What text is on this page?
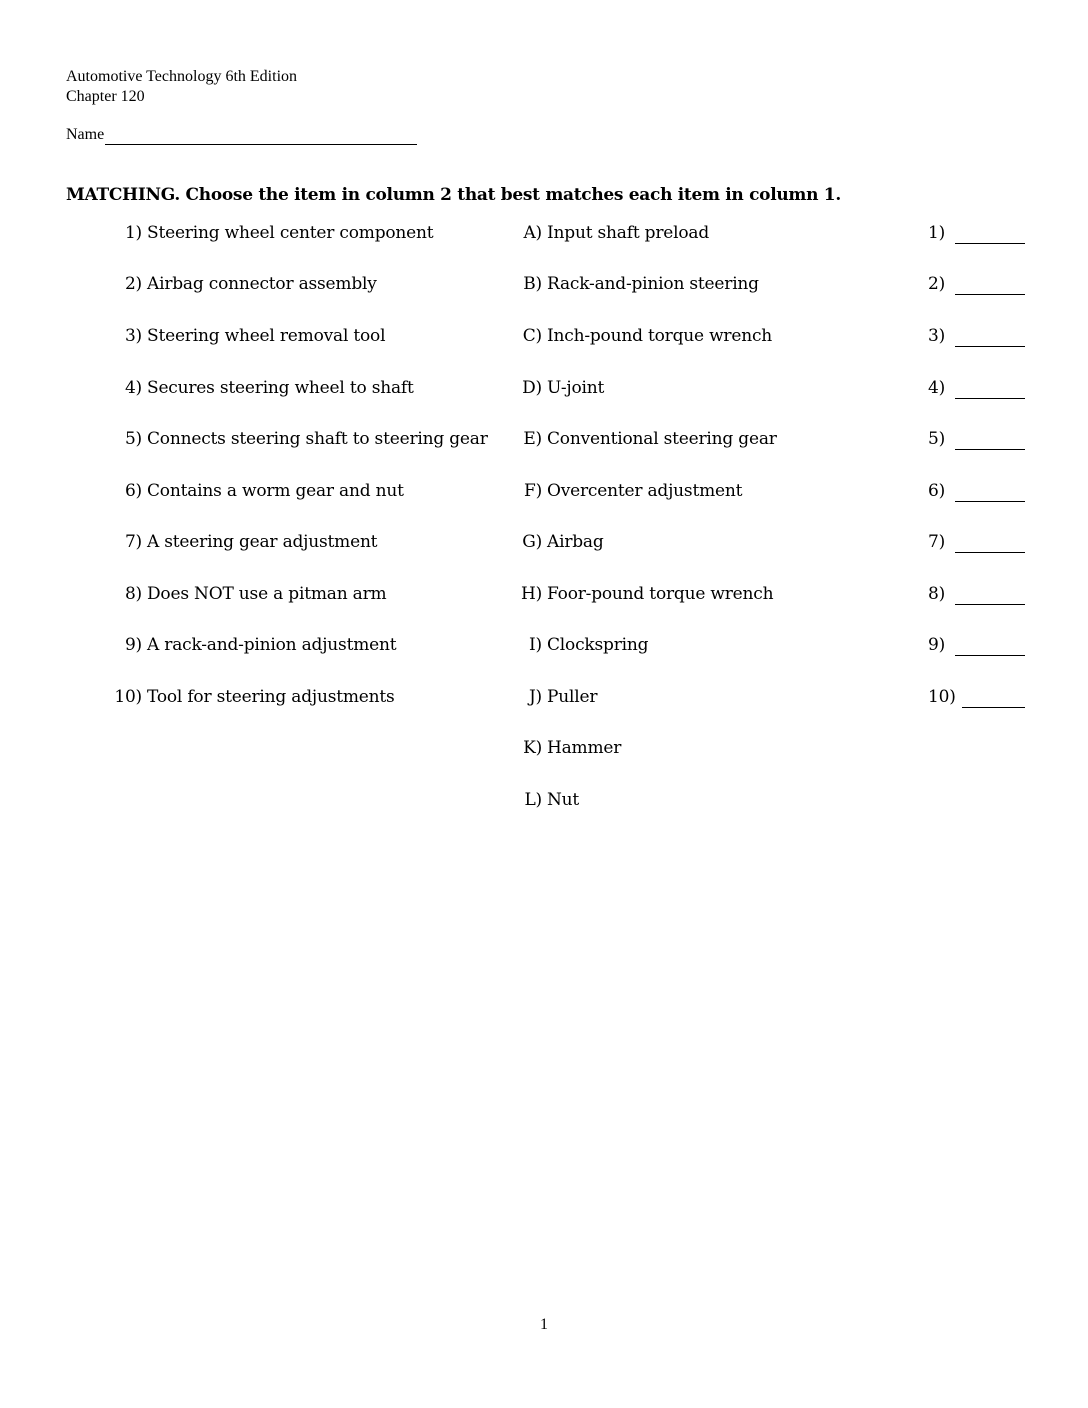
Automotive Technology 6th Edition
Chapter 120
Name
MATCHING. Choose the item in column 2 that best matches each item in column 1.
1) Steering wheel center component	A) Input shaft preload	1)
2) Airbag connector assembly	B) Rack-and-pinion steering	2)
3) Steering wheel removal tool	C) Inch-pound torque wrench	3)
4) Secures steering wheel to shaft	D) U-joint	4)
5) Connects steering shaft to steering gear E) Conventional steering gear	5)
6) Contains a worm gear and nut	F) Overcenter adjustment	6)
7) A steering gear adjustment	G) Airbag	7)
8) Does NOT use a pitman arm	H) Foor-pound torque wrench	8)
9) A rack-and-pinion adjustment	I) Clockspring	9)
10) Tool for steering adjustments	J) Puller	10)
K) Hammer
L) Nut
1
